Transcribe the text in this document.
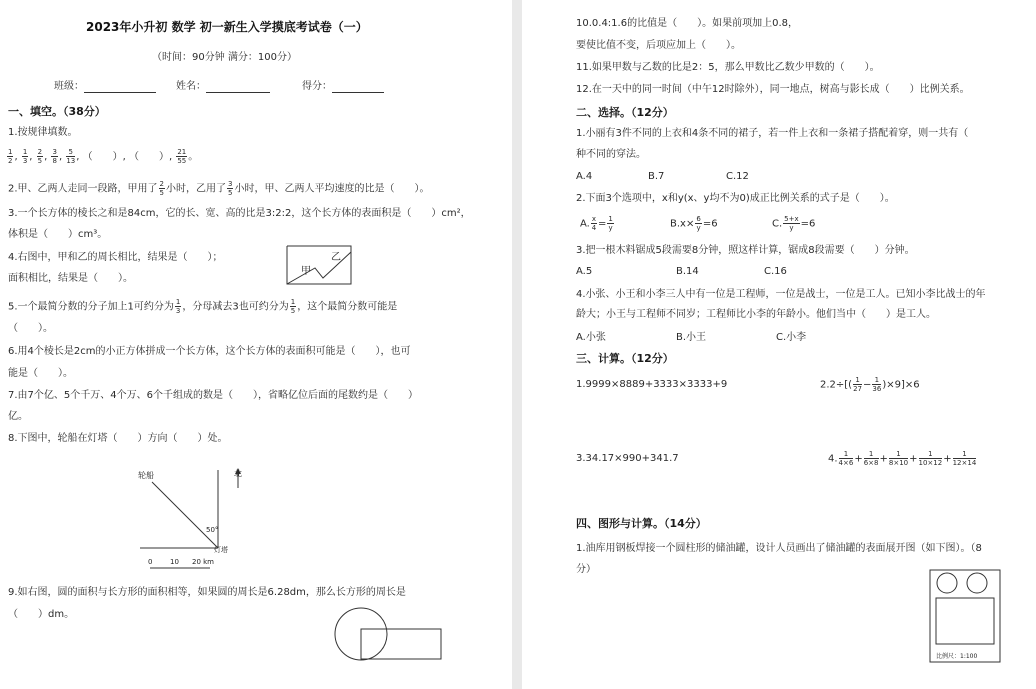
2023年小升初 数学 初一新生入学摸底考试卷（一）
（时间：90分钟 满分：100分）
班级：	姓名：	得分：
一、填空。（38分）
1.按规律填数。
$\frac{1}{2}$ , $\frac{1}{3}$ , $\frac{2}{5}$ , $\frac{3}{8}$ , $\frac{5}{13}$ , （　　）, （　　）, $\frac{21}{55}$ 。
2.甲、乙两人走同一段路，甲用了 $\frac{2}{5}$ 小时，乙用了 $\frac{3}{5}$ 小时，甲、乙两人平均速度的比是（　　）。
3.一个长方体的棱长之和是84cm，它的长、宽、高的比是3:2:2，这个长方体的表面积是（　　）cm²，
体积是（　　）cm³。
4.右图中，甲和乙的周长相比，结果是（　　）；
面积相比，结果是（　　）。
甲
乙
5.一个最简分数的分子加上1可约分为 $\frac{1}{3}$ ，分母减去3也可约分为 $\frac{1}{5}$ ，这个最简分数可能是
（　　）。
6.用4个棱长是2cm的小正方体拼成一个长方体，这个长方体的表面积可能是（　　），也可
能是（　　）。
7.由7个亿、5个千万、4个万、6个千组成的数是（　　），省略亿位后面的尾数约是（　　）
亿。
8.下图中，轮船在灯塔（　　）方向（　　）处。
轮船	北
50°
灯塔
0	10 20 km
9.如右图，圆的面积与长方形的面积相等，如果圆的周长是6.28dm，那么长方形的周长是
（　　）dm。
10.0.4:1.6的比值是（　　）。如果前项加上0.8，
要使比值不变，后项应加上（　　）。
11.如果甲数与乙数的比是2：5，那么甲数比乙数少甲数的（　　）。
12.在一天中的同一时间（中午12时除外），同一地点，树高与影长成（　　）比例关系。
二、选择。（12分）
1.小丽有3件不同的上衣和4条不同的裙子，若一件上衣和一条裙子搭配着穿，则一共有（
种不同的穿法。
A.4	B.7	C.12
2.下面3个选项中，x和y(x、y均不为0)成正比例关系的式子是（　　）。
A. $\frac{x}{4} = \frac{1}{y}$	$B.x\times \frac{6}{y} =6$	C. $\frac{5+x}{y} =6$
3.把一根木料锯成5段需要8分钟，照这样计算，锯成8段需要（　　）分钟。
A.5	B.14	C.16
4.小张、小王和小李三人中有一位是工程师，一位是战士，一位是工人。已知小李比战士的年
龄大；小王与工程师不同岁；工程师比小李的年龄小。他们当中（　　）是工人。
A.小张	B.小王	C.小李
三、计算。（12分）
1.9999×8889+3333×3333+9	$2.2\div[( \frac{1}{27} - \frac{1}{36} )\times 9]\times 6$
3.34.17×990+341.7	4. $\frac{1}{4\times 6} + \frac{1}{6\times 8} + \frac{1}{8\times 10} + \frac{1}{10\times 12} + \frac{1}{12\times 14}$
四、图形与计算。（14分）
1.油库用钢板焊接一个圆柱形的储油罐，设计人员画出了储油罐的表面展开图（如下图）。（8
分）
比例尺：1:100
